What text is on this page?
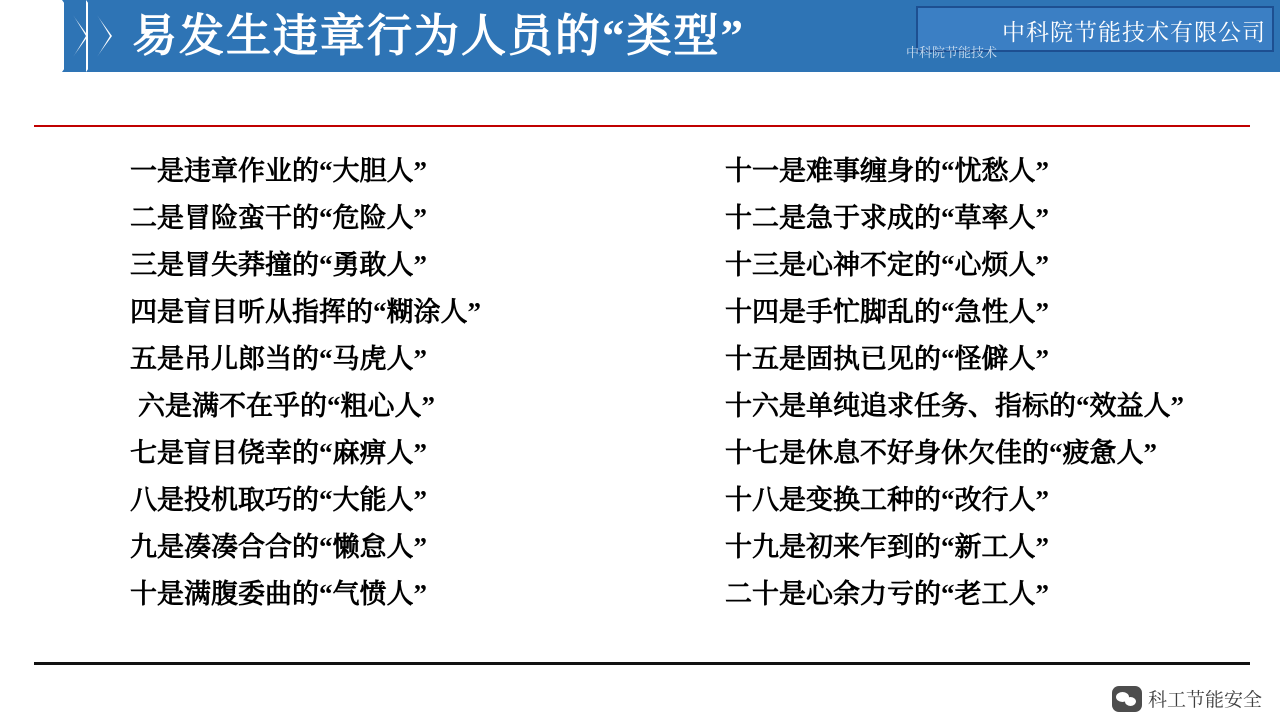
易发生违章行为人员的“类型”	中科院节能技术
中科院节能技术有限公司
一是违章作业的“大胆人”
二是冒险蛮干的“危险人”
三是冒失莽撞的“勇敢人”
四是盲目听从指挥的“糊涂人”
五是吊儿郎当的“马虎人”
六是满不在乎的“粗心人”
七是盲目侥幸的“麻痹人”
八是投机取巧的“大能人”
九是凑凑合合的“懒怠人”
十是满腹委曲的“气愤人”
十一是难事缠身的“忧愁人”
十二是急于求成的“草率人”
十三是心神不定的“心烦人”
十四是手忙脚乱的“急性人”
十五是固执已见的“怪僻人”
十六是单纯追求任务、指标的“效益人”
十七是休息不好身休欠佳的“疲惫人”
十八是变换工种的“改行人”
十九是初来乍到的“新工人”
二十是心余力亏的“老工人”
科工节能安全
